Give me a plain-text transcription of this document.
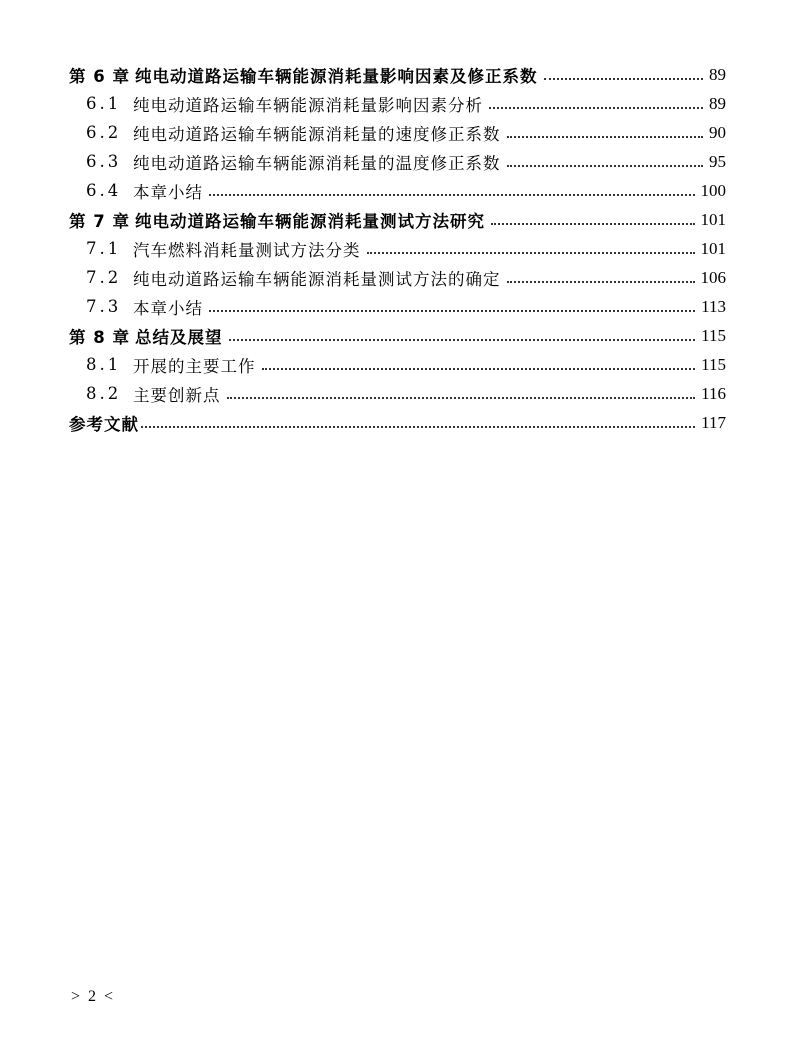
第 6 章 纯电动道路运输车辆能源消耗量影响因素及修正系数	89
6.1 纯电动道路运输车辆能源消耗量影响因素分析	89
6.2 纯电动道路运输车辆能源消耗量的速度修正系数	90
6.3 纯电动道路运输车辆能源消耗量的温度修正系数	95
6.4 本章小结	100
第 7 章 纯电动道路运输车辆能源消耗量测试方法研究	101
7.1 汽车燃料消耗量测试方法分类	101
7.2 纯电动道路运输车辆能源消耗量测试方法的确定	106
7.3 本章小结	113
第 8 章 总结及展望	115
8.1 开展的主要工作	115
8.2 主要创新点	116
参考文献	117
> 2 <
